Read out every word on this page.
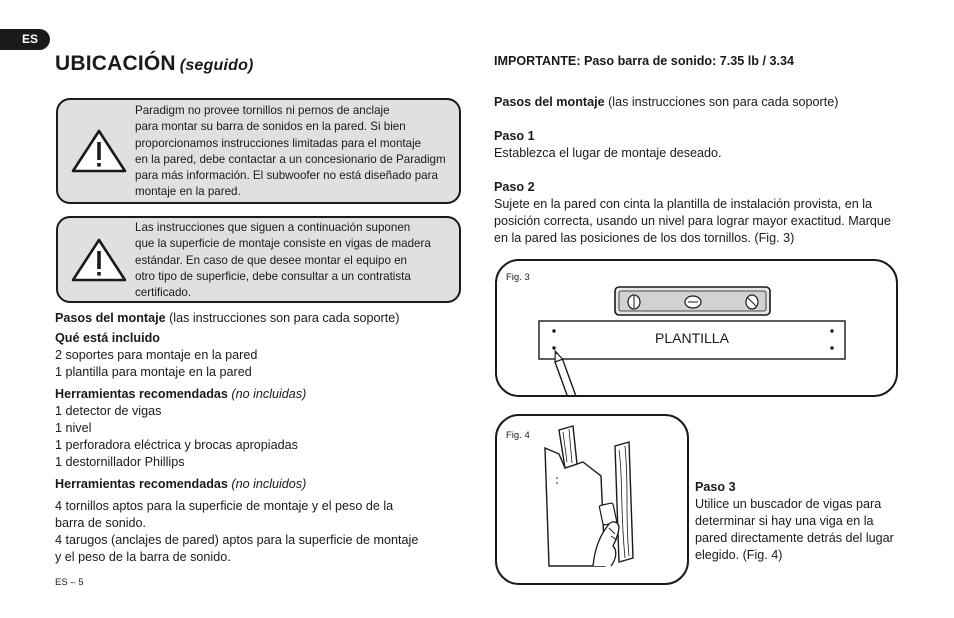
ES
UBICACIÓN (seguido)
Paradigm no provee tornillos ni pernos de anclaje
para montar su barra de sonidos en la pared. Si bien
proporcionamos instrucciones limitadas para el montaje
en la pared, debe contactar a un concesionario de Paradigm
para más información. El subwoofer no está diseñado para
montaje en la pared.
Las instrucciones que siguen a continuación suponen
que la superficie de montaje consiste en vigas de madera
estándar. En caso de que desee montar el equipo en
otro tipo de superficie, debe consultar a un contratista
certificado.
Pasos del montaje (las instrucciones son para cada soporte)
Qué está incluido
2 soportes para montaje en la pared
1 plantilla para montaje en la pared
Herramientas recomendadas (no incluidas)
1 detector de vigas
1 nivel
1 perforadora eléctrica y brocas apropiadas
1 destornillador Phillips
Herramientas recomendadas (no incluidos)
4 tornillos aptos para la superficie de montaje y el peso de la
barra de sonido.
4 tarugos (anclajes de pared) aptos para la superficie de montaje
y el peso de la barra de sonido.
IMPORTANTE: Paso barra de sonido: 7.35 lb / 3.34
Pasos del montaje (las instrucciones son para cada soporte)
Paso 1
Establezca el lugar de montaje deseado.
Paso 2
Sujete en la pared con cinta la plantilla de instalación provista, en la
posición correcta, usando un nivel para lograr mayor exactitud. Marque
en la pared las posiciones de los dos tornillos. (Fig. 3)
Fig. 3
PLANTILLA
Fig. 4
Paso 3
Utilice un buscador de vigas para
determinar si hay una viga en la
pared directamente detrás del lugar
elegido. (Fig. 4)
ES – 5
